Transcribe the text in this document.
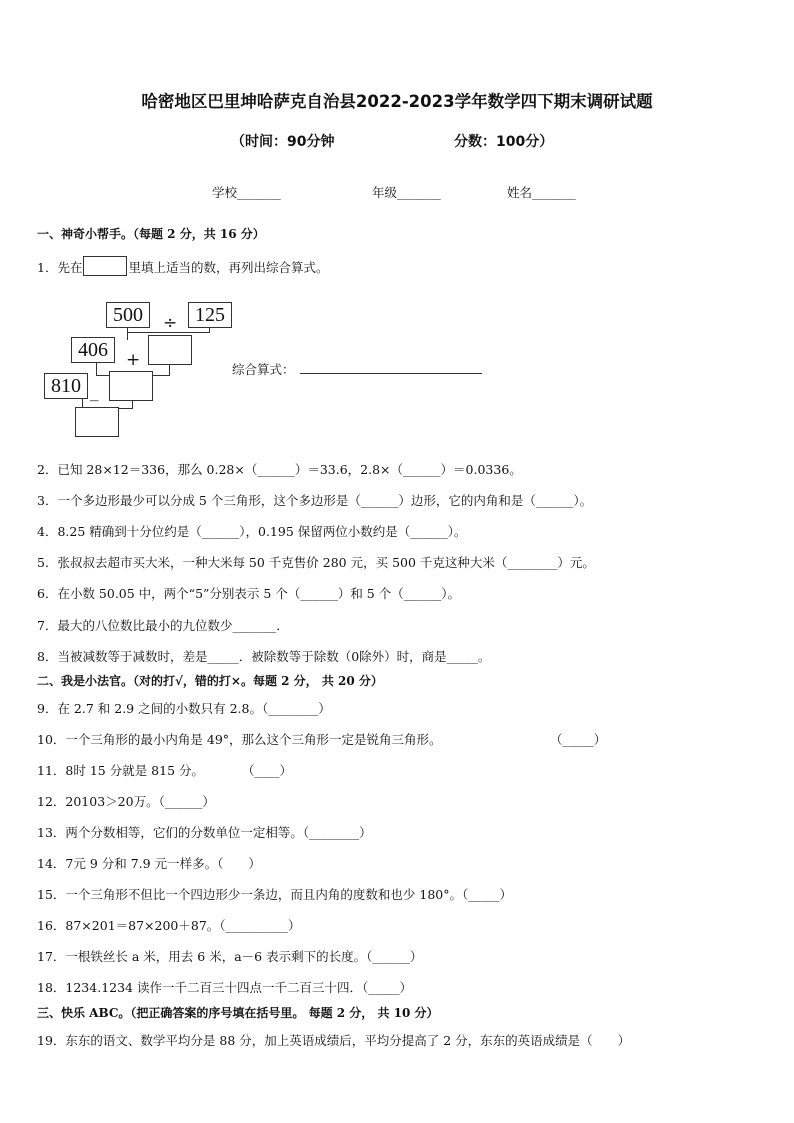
哈密地区巴里坤哈萨克自治县2022-2023学年数学四下期末调研试题
（时间：90分钟	分数：100分）
学校_______	年级_______	姓名_______
一、神奇小帮手。（每题 2 分，共 16 分）
1．先在	里填上适当的数，再列出综合算式。
500	÷ 125
406	+
810 _
综合算式：
2．已知 28×12＝336，那么 0.28×（______）＝33.6，2.8×（______）＝0.0336。
3．一个多边形最少可以分成 5 个三角形，这个多边形是（______）边形，它的内角和是（______）。
4．8.25 精确到十分位约是（______），0.195 保留两位小数约是（______）。
5．张叔叔去超市买大米，一种大米每 50 千克售价 280 元，买 500 千克这种大米（________）元。
6．在小数 50.05 中，两个“5”分别表示 5 个（______）和 5 个（______）。
7．最大的八位数比最小的九位数少_______．
8．当被减数等于减数时，差是_____．被除数等于除数（0除外）时，商是_____。
二、我是小法官。（对的打√，错的打×。每题 2 分， 共 20 分）
9．在 2.7 和 2.9 之间的小数只有 2.8。（________）
10．一个三角形的最小内角是 49°，那么这个三角形一定是锐角三角形。	（_____）
11．8时 15 分就是 815 分。	（____）
12．20103＞20万。（______）
13．两个分数相等，它们的分数单位一定相等。（________）
14．7元 9 分和 7.9 元一样多。（　　）
15．一个三角形不但比一个四边形少一条边，而且内角的度数和也少 180°。（_____）
16．87×201＝87×200＋87。（__________）
17．一根铁丝长 a 米，用去 6 米，a－6 表示剩下的长度。（______）
18．1234.1234 读作一千二百三十四点一千二百三十四．（_____）
三、快乐 ABC。（把正确答案的序号填在括号里。 每题 2 分， 共 10 分）
19．东东的语文、数学平均分是 88 分，加上英语成绩后，平均分提高了 2 分，东东的英语成绩是（　　）
